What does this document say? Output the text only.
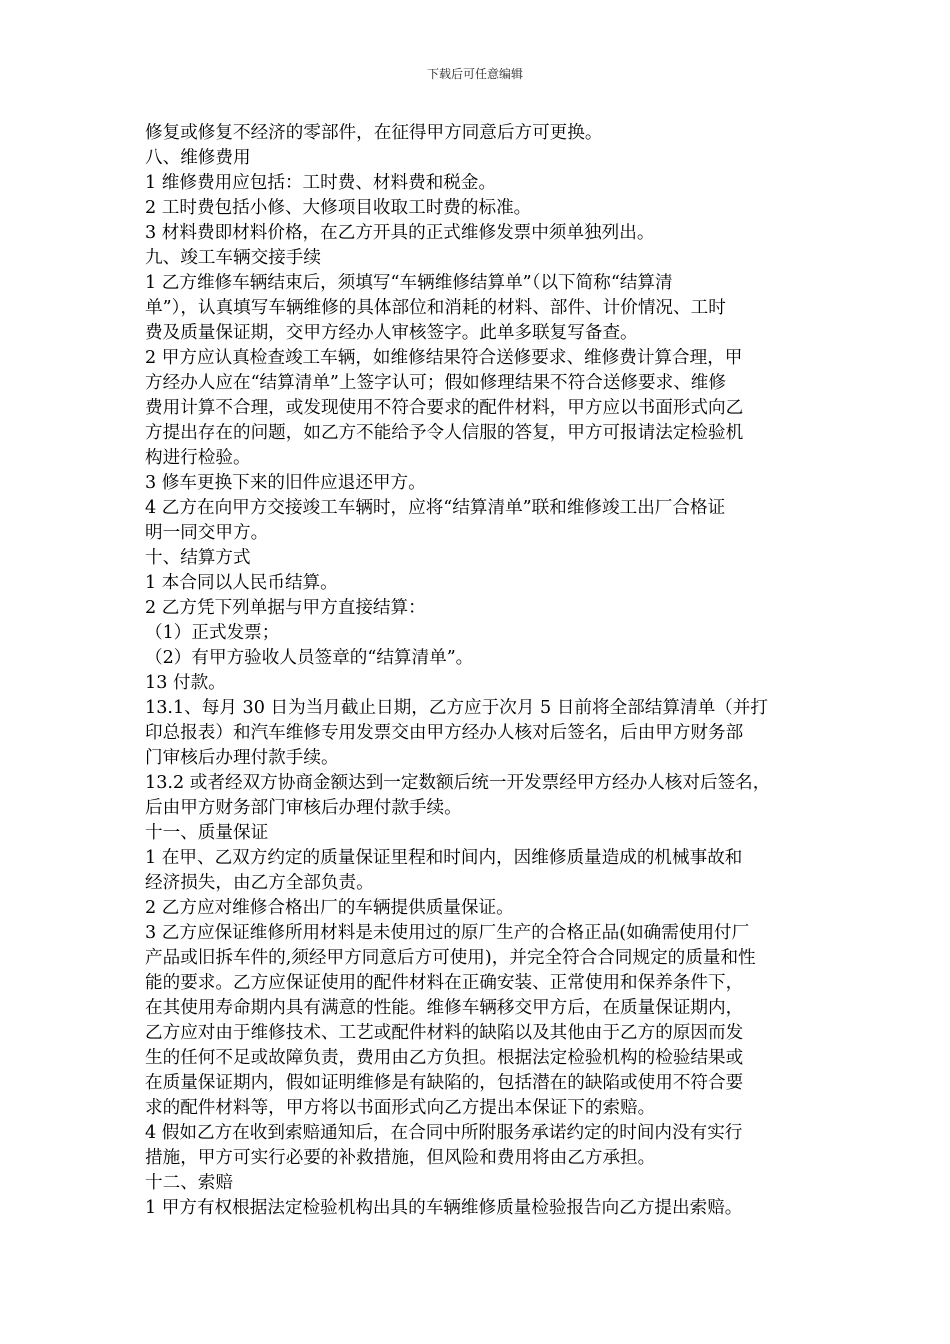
下载后可任意编辑

修复或修复不经济的零部件，在征得甲方同意后方可更换。

八、维修费用

1 维修费用应包括：工时费、材料费和税金。

2 工时费包括小修、大修项目收取工时费的标准。

3 材料费即材料价格，在乙方开具的正式维修发票中须单独列出。

九、竣工车辆交接手续

1 乙方维修车辆结束后，须填写“车辆维修结算单”（以下简称“结算清

单”），认真填写车辆维修的具体部位和消耗的材料、部件、计价情况、工时

费及质量保证期，交甲方经办人审核签字。此单多联复写备查。

2 甲方应认真检查竣工车辆，如维修结果符合送修要求、维修费计算合理，甲

方经办人应在“结算清单”上签字认可；假如修理结果不符合送修要求、维修

费用计算不合理，或发现使用不符合要求的配件材料，甲方应以书面形式向乙

方提出存在的问题，如乙方不能给予令人信服的答复，甲方可报请法定检验机

构进行检验。

3 修车更换下来的旧件应退还甲方。

4 乙方在向甲方交接竣工车辆时，应将“结算清单”联和维修竣工出厂合格证

明一同交甲方。

十、结算方式

1 本合同以人民币结算。

2 乙方凭下列单据与甲方直接结算：

（1）正式发票；

（2）有甲方验收人员签章的“结算清单”。

13 付款。

13.1、每月 30 日为当月截止日期，乙方应于次月 5 日前将全部结算清单（并打

印总报表）和汽车维修专用发票交由甲方经办人核对后签名，后由甲方财务部

门审核后办理付款手续。

13.2 或者经双方协商金额达到一定数额后统一开发票经甲方经办人核对后签名，

后由甲方财务部门审核后办理付款手续。

十一、质量保证

1 在甲、乙双方约定的质量保证里程和时间内，因维修质量造成的机械事故和

经济损失，由乙方全部负责。

2 乙方应对维修合格出厂的车辆提供质量保证。

3 乙方应保证维修所用材料是未使用过的原厂生产的合格正品(如确需使用付厂

产品或旧拆车件的,须经甲方同意后方可使用)，并完全符合合同规定的质量和性

能的要求。乙方应保证使用的配件材料在正确安装、正常使用和保养条件下，

在其使用寿命期内具有满意的性能。维修车辆移交甲方后，在质量保证期内，

乙方应对由于维修技术、工艺或配件材料的缺陷以及其他由于乙方的原因而发

生的任何不足或故障负责，费用由乙方负担。根据法定检验机构的检验结果或

在质量保证期内，假如证明维修是有缺陷的，包括潜在的缺陷或使用不符合要

求的配件材料等，甲方将以书面形式向乙方提出本保证下的索赔。

4 假如乙方在收到索赔通知后，在合同中所附服务承诺约定的时间内没有实行

措施，甲方可实行必要的补救措施，但风险和费用将由乙方承担。

十二、索赔

1 甲方有权根据法定检验机构出具的车辆维修质量检验报告向乙方提出索赔。
